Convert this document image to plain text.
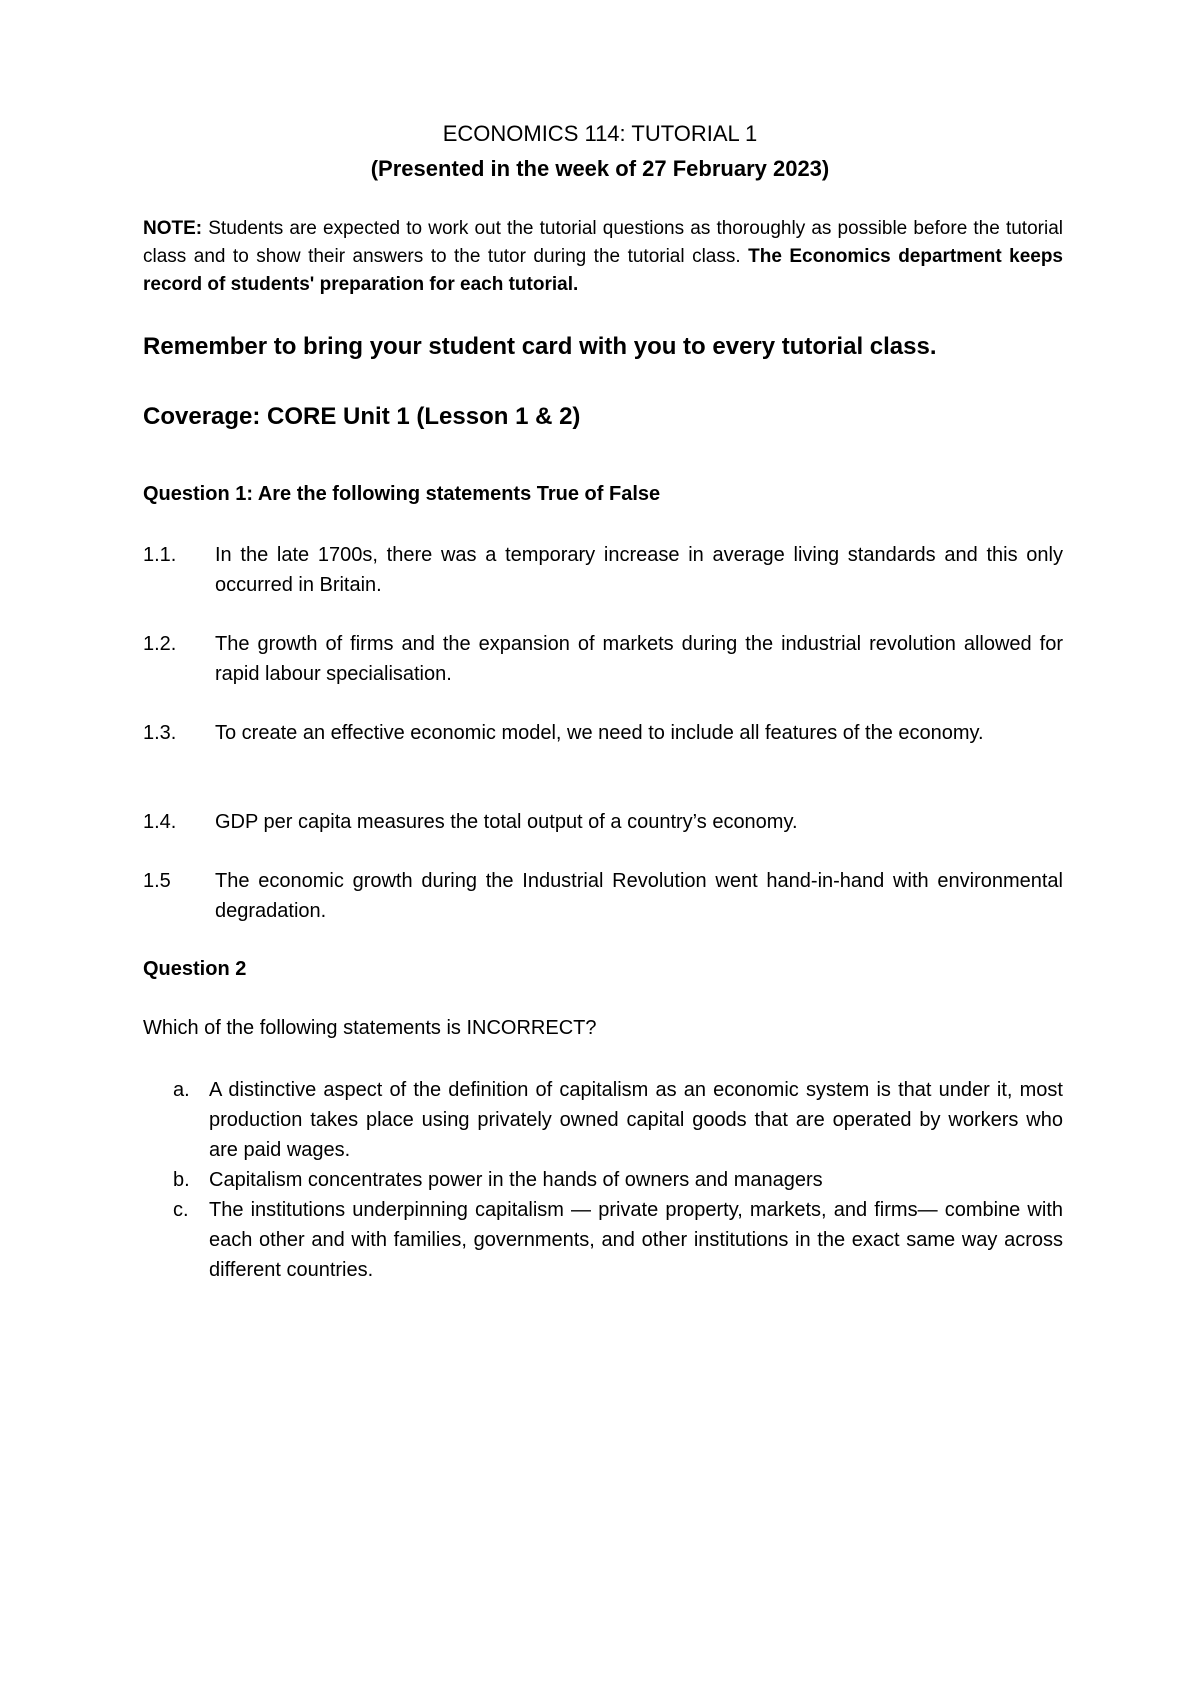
ECONOMICS 114: TUTORIAL 1
(Presented in the week of 27 February 2023)
NOTE: Students are expected to work out the tutorial questions as thoroughly as possible before the tutorial class and to show their answers to the tutor during the tutorial class. The Economics department keeps record of students' preparation for each tutorial.
Remember to bring your student card with you to every tutorial class.
Coverage: CORE Unit 1 (Lesson 1 & 2)
Question 1: Are the following statements True of False
1.1.	In the late 1700s, there was a temporary increase in average living standards and this only occurred in Britain.
1.2.	The growth of firms and the expansion of markets during the industrial revolution allowed for rapid labour specialisation.
1.3.	To create an effective economic model, we need to include all features of the economy.
1.4.	GDP per capita measures the total output of a country’s economy.
1.5	The economic growth during the Industrial Revolution went hand-in-hand with environmental degradation.
Question 2
Which of the following statements is INCORRECT?
a. A distinctive aspect of the definition of capitalism as an economic system is that under it, most production takes place using privately owned capital goods that are operated by workers who are paid wages.
b. Capitalism concentrates power in the hands of owners and managers
c. The institutions underpinning capitalism — private property, markets, and firms— combine with each other and with families, governments, and other institutions in the exact same way across different countries.
